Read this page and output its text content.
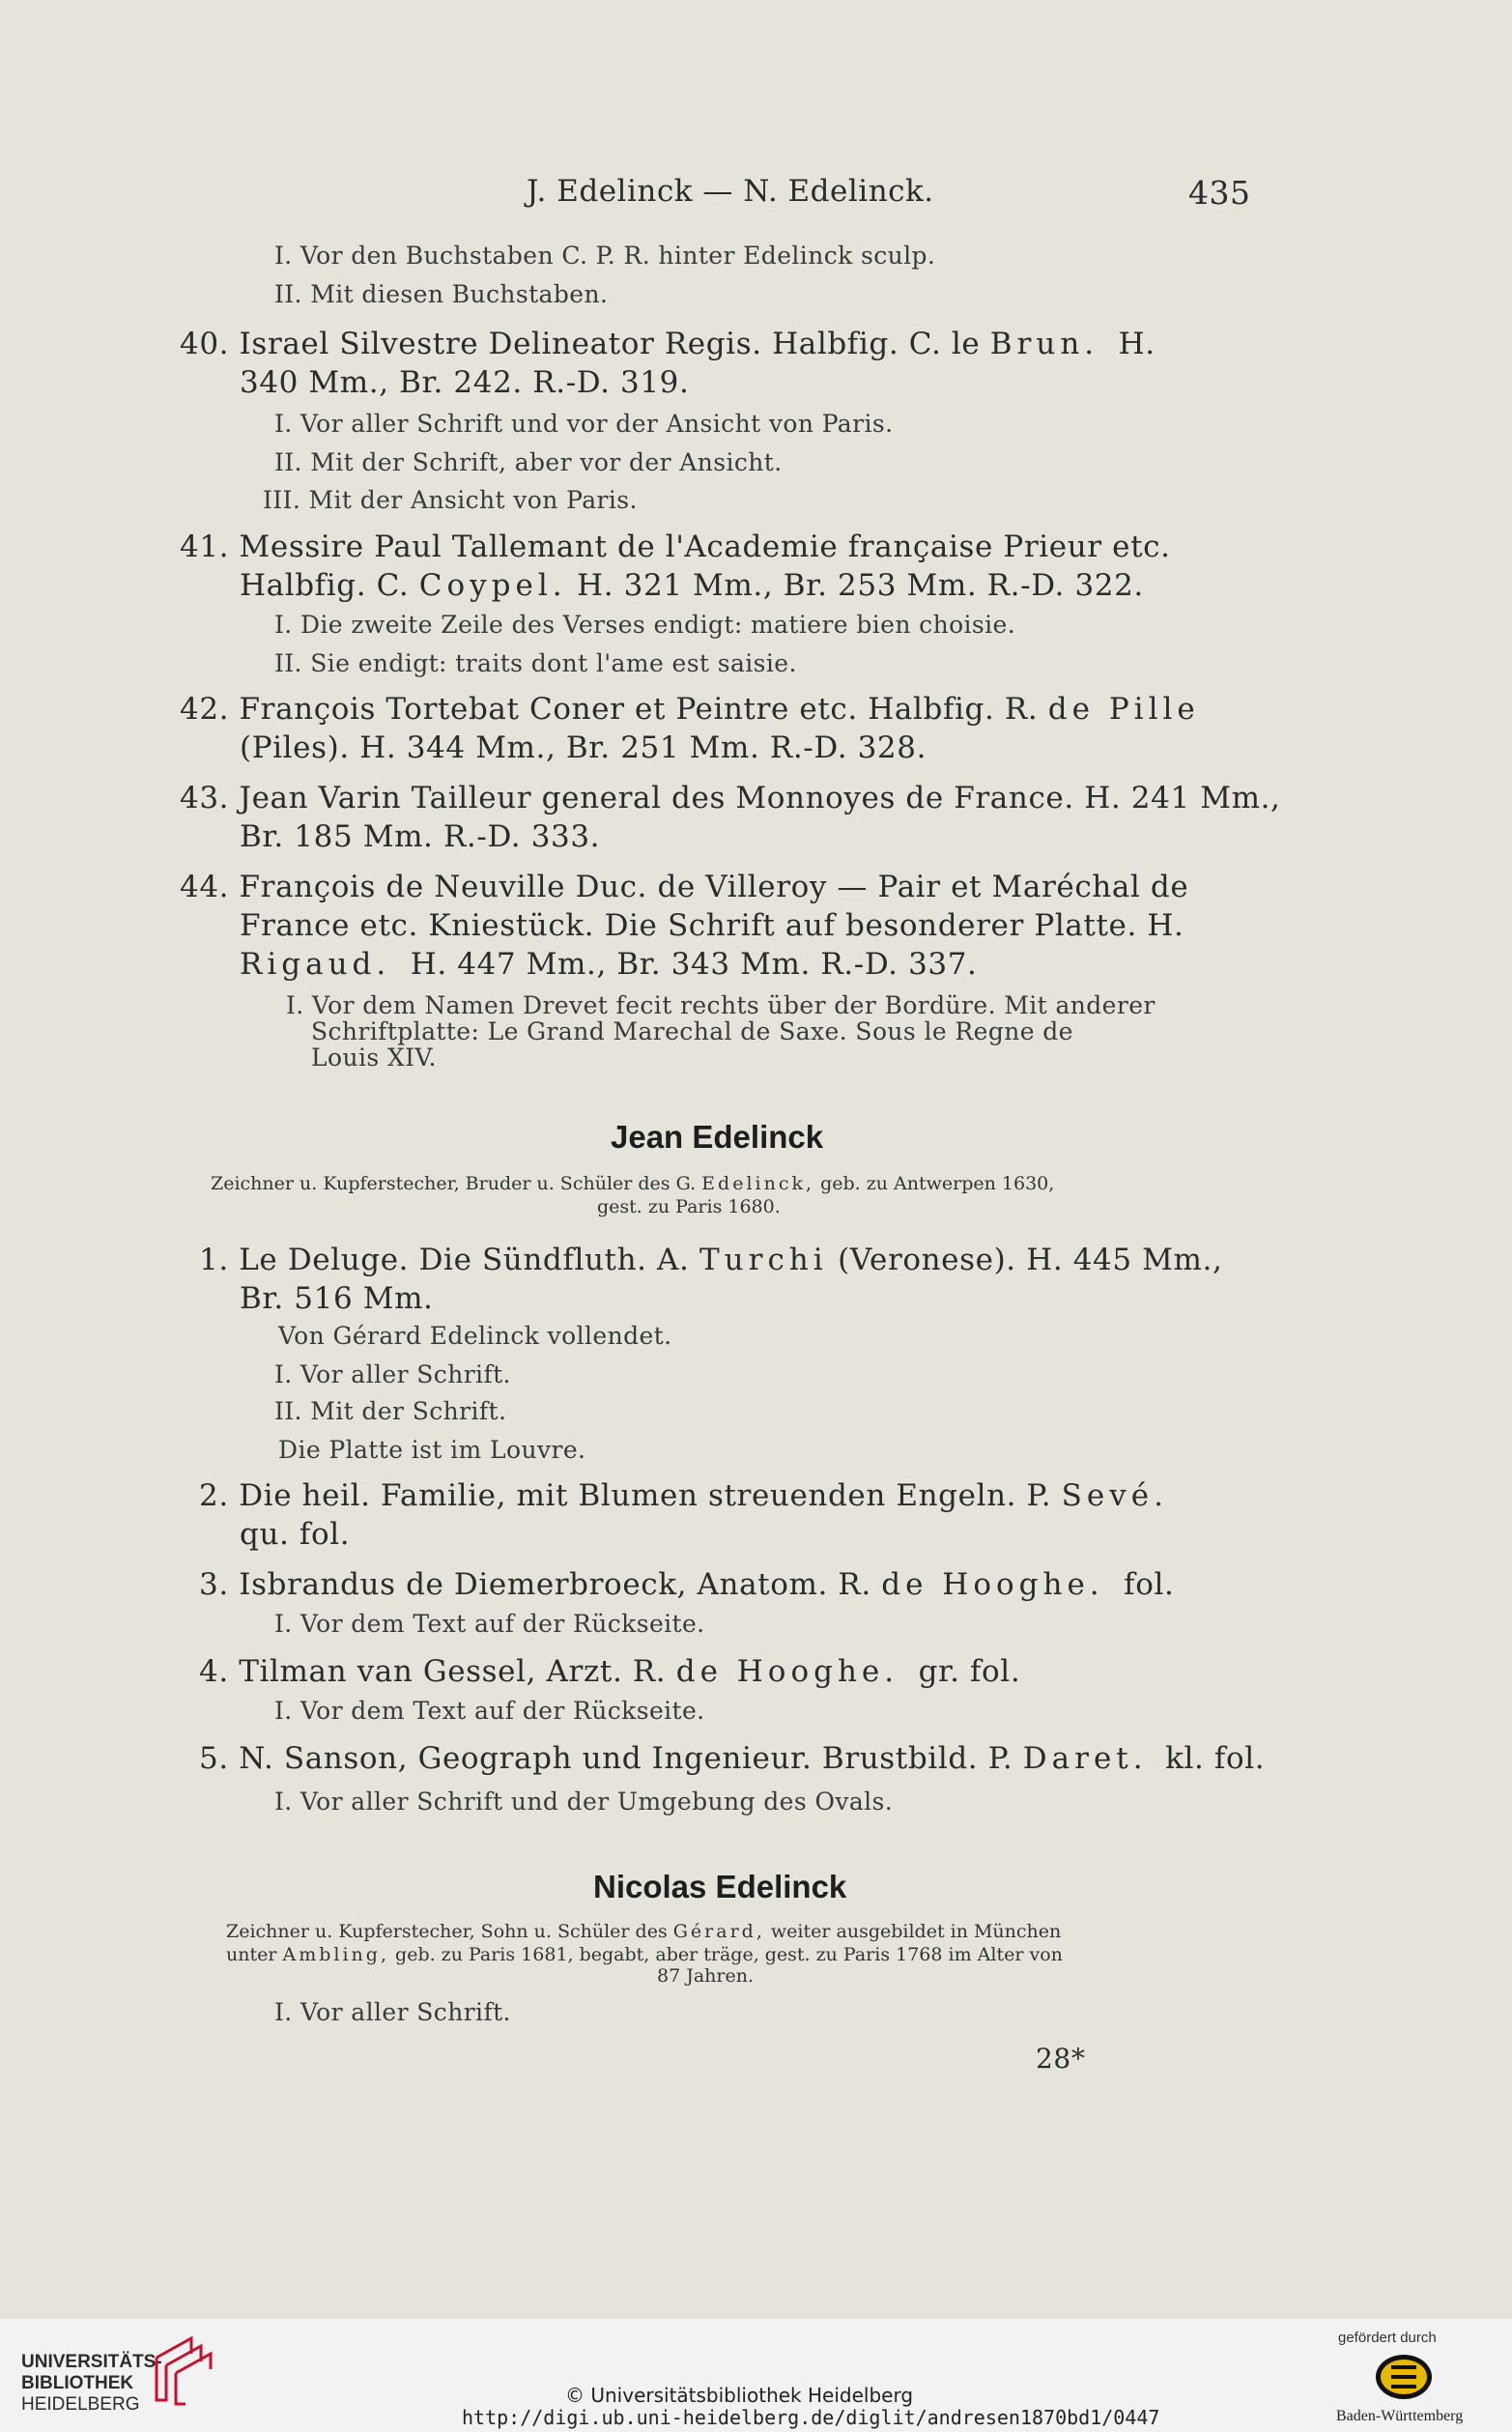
J. Edelinck — N. Edelinck.	435
I. Vor den Buchstaben C. P. R. hinter Edelinck sculp.
II. Mit diesen Buchstaben.
40. Israel Silvestre Delineator Regis. Halbfig. C. le Brun. H.
340 Mm., Br. 242. R.-D. 319.
I. Vor aller Schrift und vor der Ansicht von Paris.
II. Mit der Schrift, aber vor der Ansicht.
III. Mit der Ansicht von Paris.
41. Messire Paul Tallemant de l'Academie française Prieur etc.
Halbfig. C. Coypel. H. 321 Mm., Br. 253 Mm. R.-D. 322.
I. Die zweite Zeile des Verses endigt: matiere bien choisie.
II. Sie endigt: traits dont l'ame est saisie.
42. François Tortebat Coner et Peintre etc. Halbfig. R. de Pille
(Piles). H. 344 Mm., Br. 251 Mm. R.-D. 328.
43. Jean Varin Tailleur general des Monnoyes de France. H. 241 Mm.,
Br. 185 Mm. R.-D. 333.
44. François de Neuville Duc. de Villeroy — Pair et Maréchal de
France etc. Kniestück. Die Schrift auf besonderer Platte. H.
Rigaud. H. 447 Mm., Br. 343 Mm. R.-D. 337.
I. Vor dem Namen Drevet fecit rechts über der Bordüre. Mit anderer
Schriftplatte: Le Grand Marechal de Saxe. Sous le Regne de
Louis XIV.
Jean Edelinck
Zeichner u. Kupferstecher, Bruder u. Schüler des G. Edelinck, geb. zu Antwerpen 1630,
gest. zu Paris 1680.
1. Le Deluge. Die Sündfluth. A. Turchi (Veronese). H. 445 Mm.,
Br. 516 Mm.
Von Gérard Edelinck vollendet.
I. Vor aller Schrift.
II. Mit der Schrift.
Die Platte ist im Louvre.
2. Die heil. Familie, mit Blumen streuenden Engeln. P. Sevé.
qu. fol.
3. Isbrandus de Diemerbroeck, Anatom. R. de Hooghe. fol.
I. Vor dem Text auf der Rückseite.
4. Tilman van Gessel, Arzt. R. de Hooghe. gr. fol.
I. Vor dem Text auf der Rückseite.
5. N. Sanson, Geograph und Ingenieur. Brustbild. P. Daret. kl. fol.
I. Vor aller Schrift und der Umgebung des Ovals.
Nicolas Edelinck
Zeichner u. Kupferstecher, Sohn u. Schüler des Gérard, weiter ausgebildet in München
unter Ambling, geb. zu Paris 1681, begabt, aber träge, gest. zu Paris 1768 im Alter von
87 Jahren.
I. Vor aller Schrift.
28*
UNIVERSITÄTS-
BIBLIOTHEK
HEIDELBERG	© Universitätsbibliothek Heidelberg
http://digi.ub.uni-heidelberg.de/diglit/andresen1870bd1/0447
gefördert durch
Baden-Württemberg
